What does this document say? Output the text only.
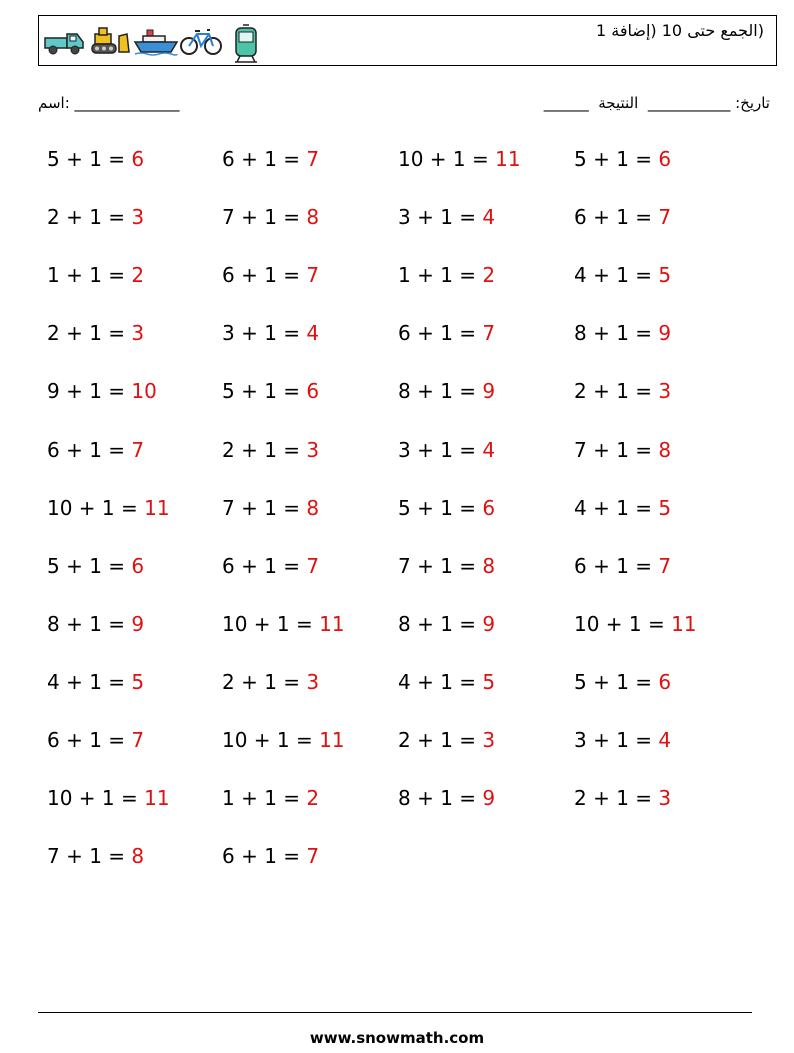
(الجمع حتى 10 (إضافة 1
اسم: ______________	تاريخ: ___________  النتيجة  ______
5 + 1 = 6	6 + 1 = 7	10 + 1 = 11	5 + 1 = 6
2 + 1 = 3	7 + 1 = 8	3 + 1 = 4	6 + 1 = 7
1 + 1 = 2	6 + 1 = 7	1 + 1 = 2	4 + 1 = 5
2 + 1 = 3	3 + 1 = 4	6 + 1 = 7	8 + 1 = 9
9 + 1 = 10	5 + 1 = 6	8 + 1 = 9	2 + 1 = 3
6 + 1 = 7	2 + 1 = 3	3 + 1 = 4	7 + 1 = 8
10 + 1 = 11	7 + 1 = 8	5 + 1 = 6	4 + 1 = 5
5 + 1 = 6	6 + 1 = 7	7 + 1 = 8	6 + 1 = 7
8 + 1 = 9	10 + 1 = 11	8 + 1 = 9	10 + 1 = 11
4 + 1 = 5	2 + 1 = 3	4 + 1 = 5	5 + 1 = 6
6 + 1 = 7	10 + 1 = 11	2 + 1 = 3	3 + 1 = 4
10 + 1 = 11	1 + 1 = 2	8 + 1 = 9	2 + 1 = 3
7 + 1 = 8	6 + 1 = 7
www.snowmath.com
